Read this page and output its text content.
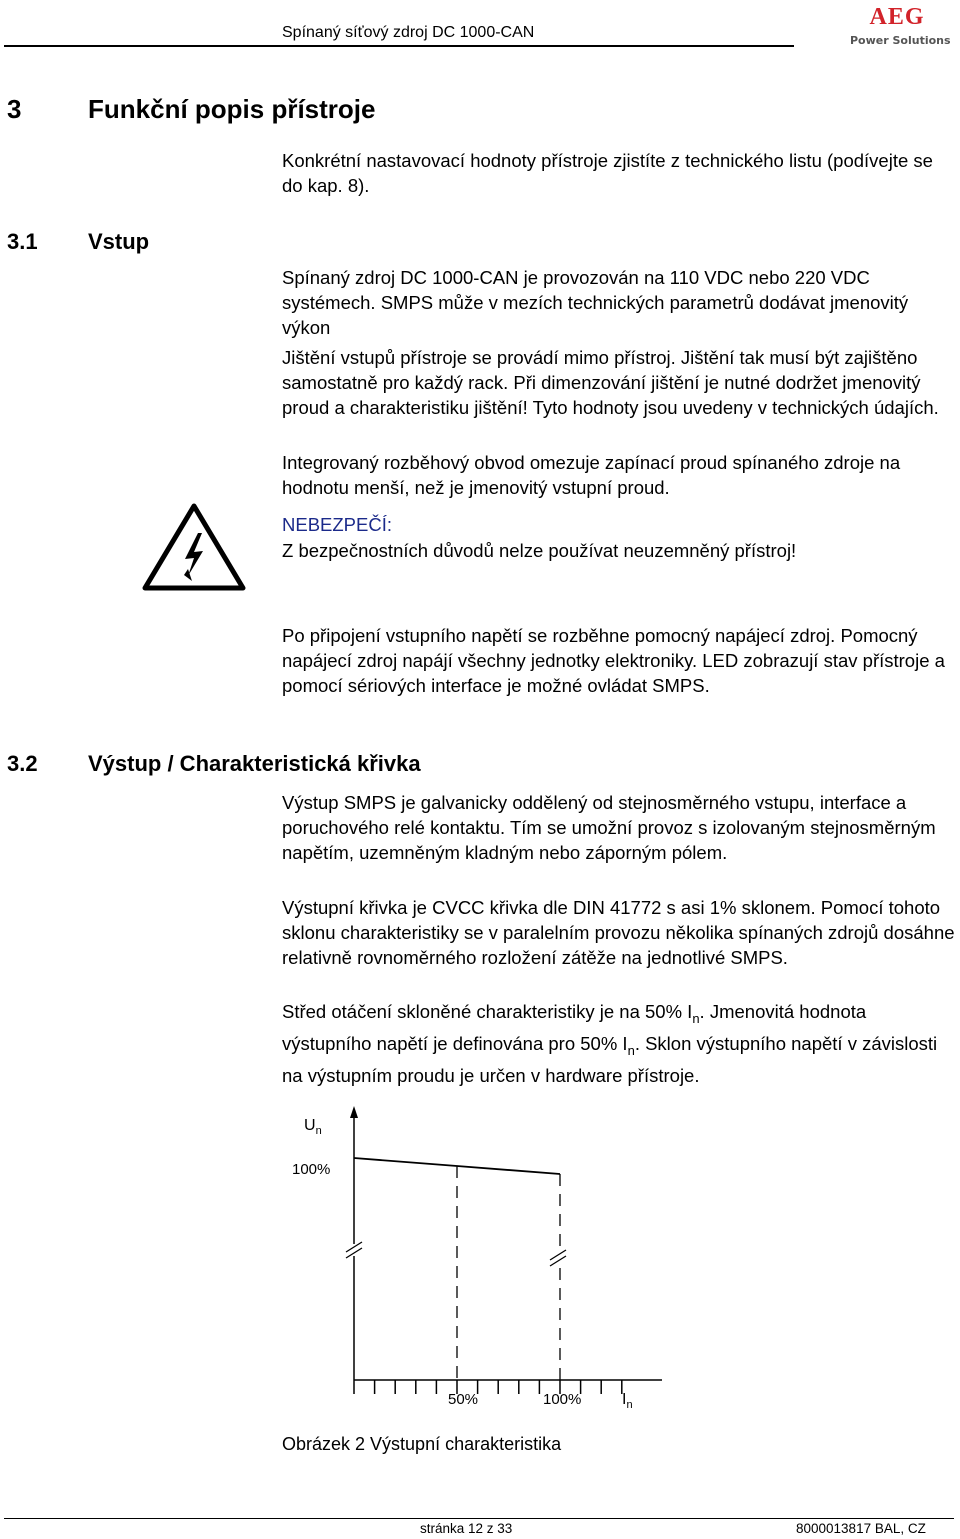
Spínaný síťový zdroj DC 1000-CAN
AEG
Power Solutions
3	Funkční popis přístroje
Konkrétní nastavovací hodnoty přístroje zjistíte z technického listu (podívejte se do kap. 8).
3.1 Vstup
Spínaný zdroj DC 1000-CAN je provozován na 110 VDC nebo 220 VDC systémech. SMPS může v mezích technických parametrů dodávat jmenovitý výkon
Jištění vstupů přístroje se provádí mimo přístroj. Jištění tak musí být zajištěno samostatně pro každý rack. Při dimenzování jištění je nutné dodržet jmenovitý proud a charakteristiku jištění! Tyto hodnoty jsou uvedeny v technických údajích.
Integrovaný rozběhový obvod omezuje zapínací proud spínaného zdroje na hodnotu menší, než je jmenovitý vstupní proud.
NEBEZPEČÍ:
Z bezpečnostních důvodů nelze používat neuzemněný přístroj!
Po připojení vstupního napětí se rozběhne pomocný napájecí zdroj. Pomocný napájecí zdroj napájí všechny jednotky elektroniky. LED zobrazují stav přístroje a pomocí sériových interface je možné ovládat SMPS.
3.2 Výstup / Charakteristická křivka
Výstup SMPS je galvanicky oddělený od stejnosměrného vstupu, interface a poruchového relé kontaktu. Tím se umožní provoz s izolovaným stejnosměrným napětím, uzemněným kladným nebo záporným pólem.
Výstupní křivka je CVCC křivka dle DIN 41772 s asi 1% sklonem. Pomocí tohoto sklonu charakteristiky se v paralelním provozu několika spínaných zdrojů dosáhne relativně rovnoměrného rozložení zátěže na jednotlivé SMPS.
Střed otáčení skloněné charakteristiky je na 50% $I_n$. Jmenovitá hodnota výstupního napětí je definována pro 50% $I_n$. Sklon výstupního napětí v závislosti na výstupním proudu je určen v hardware přístroje.
$U_n$
100%
50%	100%	$I_n$
Obrázek 2 Výstupní charakteristika
stránka 12 z 33	8000013817 BAL, CZ
